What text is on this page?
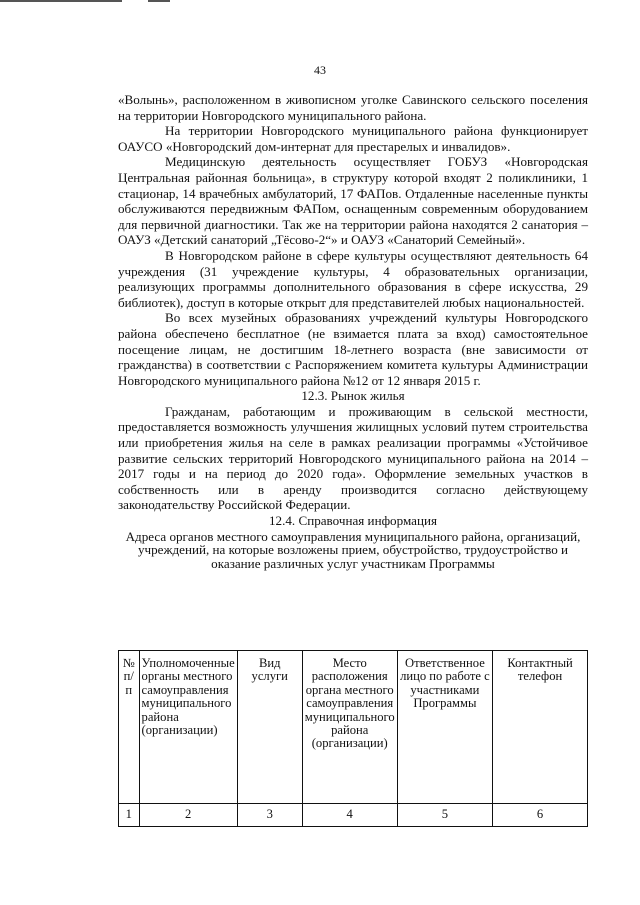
43

«Волынь», расположенном в живописном уголке Савинского сельского поселения на территории Новгородского муниципального района.

На территории Новгородского муниципального района функционирует ОАУСО «Новгородский дом-интернат для престарелых и инвалидов».

Медицинскую деятельность осуществляет ГОБУЗ «Новгородская Центральная районная больница», в структуру которой входят 2 поликлиники, 1 стационар, 14 врачебных амбулаторий, 17 ФАПов. Отдаленные населенные пункты обслуживаются передвижным ФАПом, оснащенным современным оборудованием для первичной диагностики. Так же на территории района находятся 2 санатория – ОАУЗ «Детский санаторий „Тёсово-2“» и ОАУЗ «Санаторий Семейный».

В Новгородском районе в сфере культуры осуществляют деятельность 64 учреждения (31 учреждение культуры, 4 образовательных организации, реализующих программы дополнительного образования в сфере искусства, 29 библиотек), доступ в которые открыт для представителей любых национальностей.

Во всех музейных образованиях учреждений культуры Новгородского района обеспечено бесплатное (не взимается плата за вход) самостоятельное посещение лицам, не достигшим 18-летнего возраста (вне зависимости от гражданства) в соответствии с Распоряжением комитета культуры Администрации Новгородского муниципального района №12 от 12 января 2015 г.

12.3. Рынок жилья

Гражданам, работающим и проживающим в сельской местности, предоставляется возможность улучшения жилищных условий путем строительства или приобретения жилья на селе в рамках реализации программы «Устойчивое развитие сельских территорий Новгородского муниципального района на 2014 – 2017 годы и на период до 2020 года». Оформление земельных участков в собственность или в аренду производится согласно действующему законодательству Российской Федерации.

12.4. Справочная информация

Адреса органов местного самоуправления муниципального района, организаций, учреждений, на которые возложены прием, обустройство, трудоустройство и оказание различных услуг участникам Программы

№ п/п	Уполномоченные органы местного самоуправления муниципального района (организации)	Вид услуги	Место расположения органа местного самоуправления муниципального района (организации)	Ответственное лицо по работе с участниками Программы	Контактный телефон
1	2	3	4	5	6
